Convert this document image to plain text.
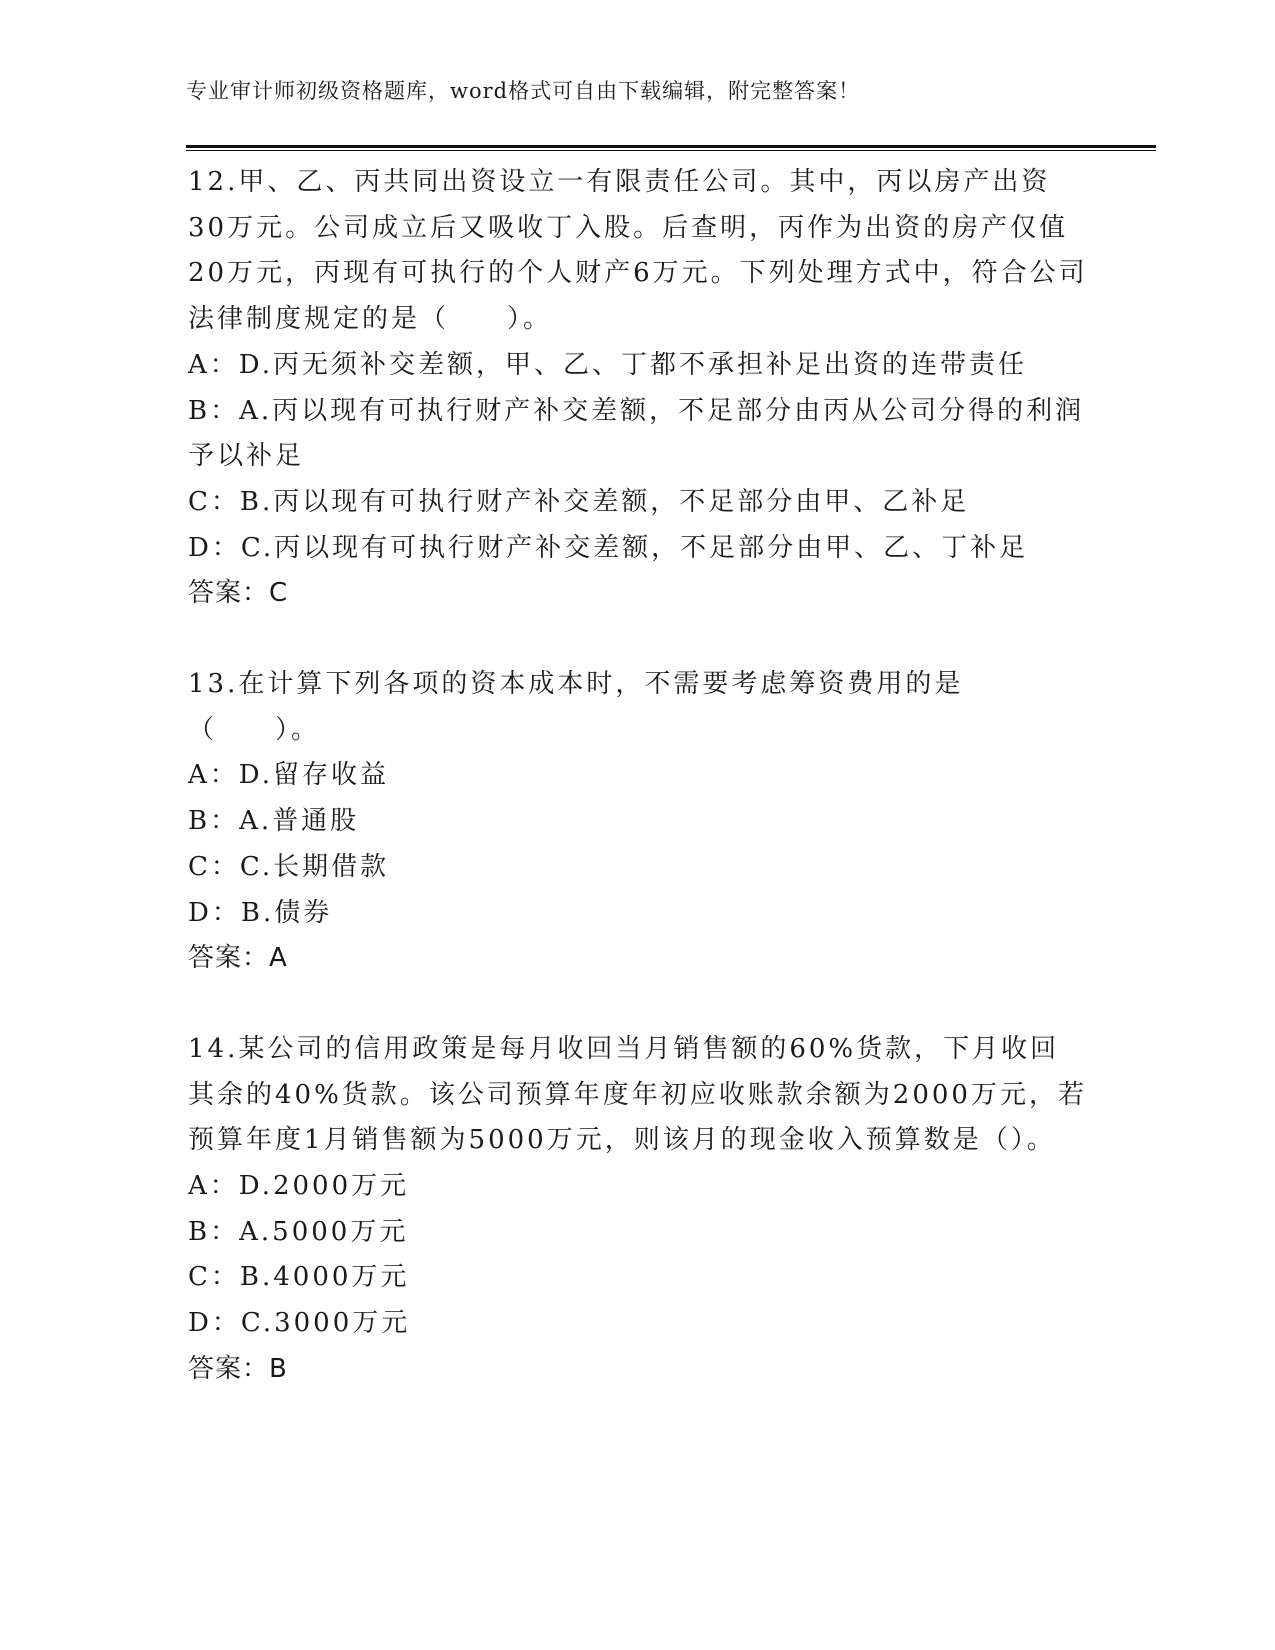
专业审计师初级资格题库，word格式可自由下载编辑，附完整答案！

12.甲、乙、丙共同出资设立一有限责任公司。其中，丙以房产出资30万元。公司成立后又吸收丁入股。后查明，丙作为出资的房产仅值20万元，丙现有可执行的个人财产6万元。下列处理方式中，符合公司法律制度规定的是（　　）。

A：D.丙无须补交差额，甲、乙、丁都不承担补足出资的连带责任

B：A.丙以现有可执行财产补交差额，不足部分由丙从公司分得的利润予以补足

C：B.丙以现有可执行财产补交差额，不足部分由甲、乙补足

D：C.丙以现有可执行财产补交差额，不足部分由甲、乙、丁补足

答案：C

13.在计算下列各项的资本成本时，不需要考虑筹资费用的是（　　）。

A：D.留存收益

B：A.普通股

C：C.长期借款

D：B.债券

答案：A

14.某公司的信用政策是每月收回当月销售额的60%货款，下月收回其余的40%货款。该公司预算年度年初应收账款余额为2000万元，若预算年度1月销售额为5000万元，则该月的现金收入预算数是（）。

A：D.2000万元

B：A.5000万元

C：B.4000万元

D：C.3000万元

答案：B
